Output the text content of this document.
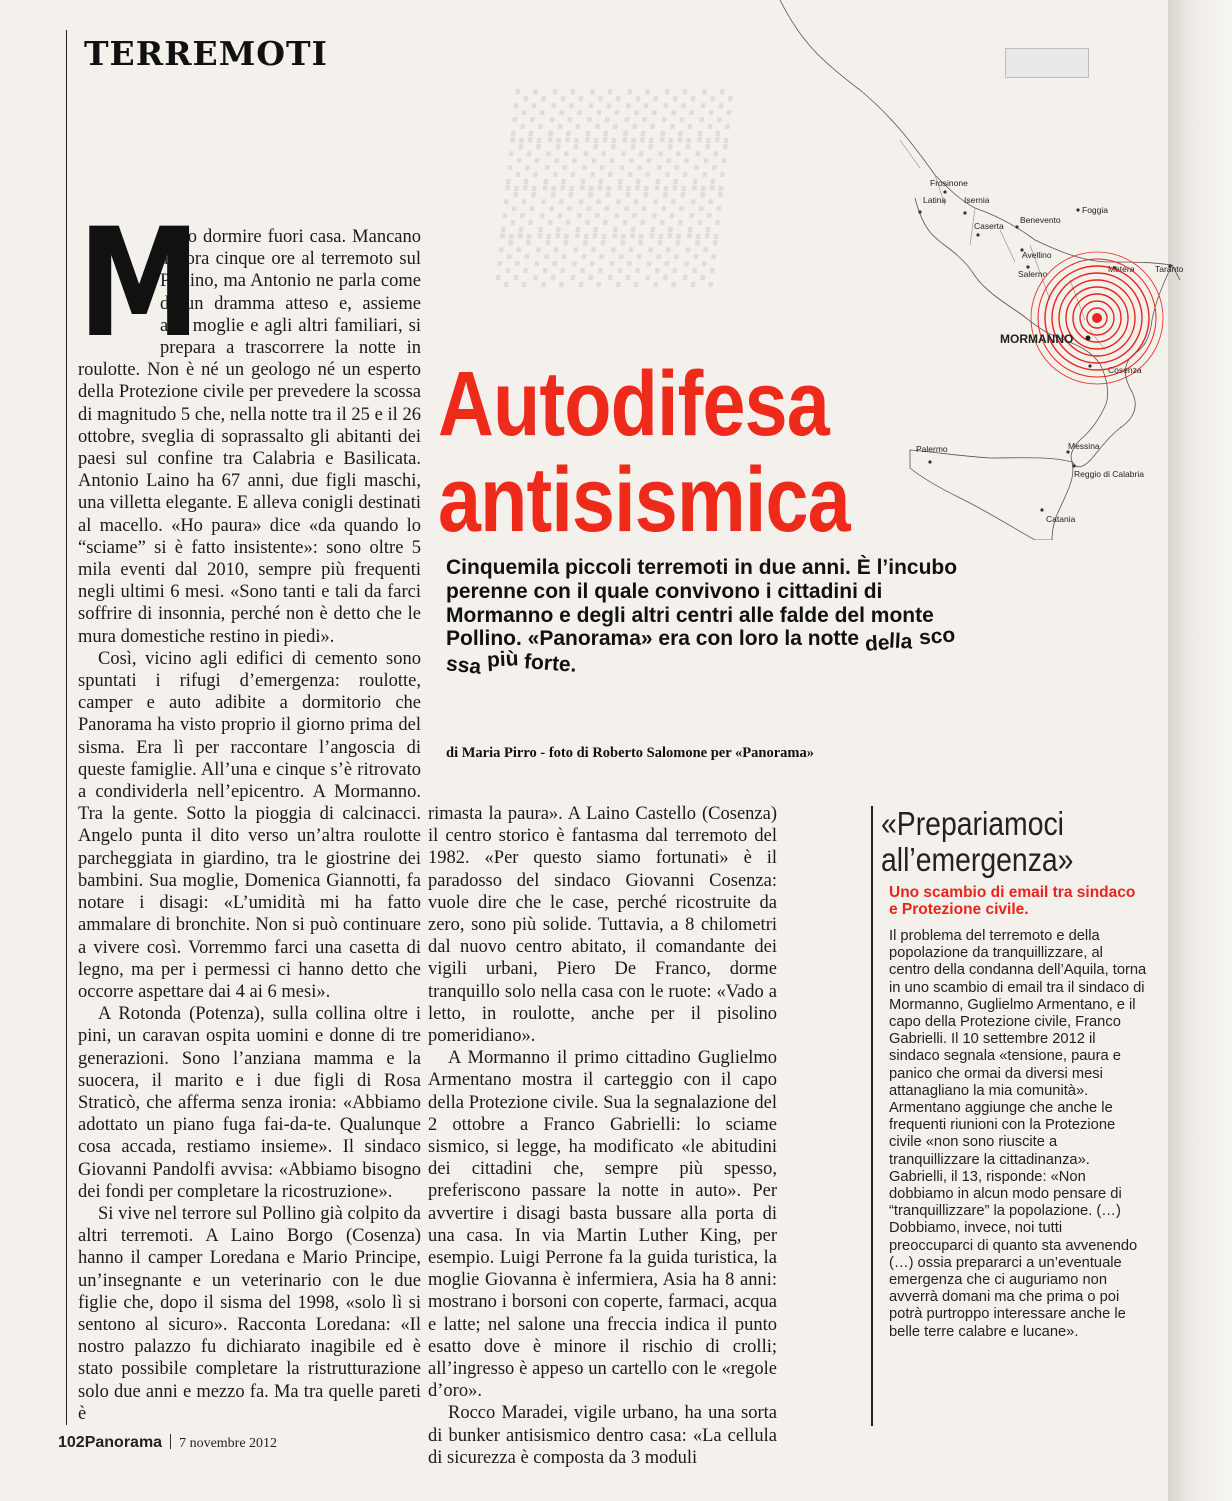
░░░░░░
░░░░░░
░░░░░░
░░░░░░
TERREMOTI
Frosinone
Latina Isernia
Caserta
Benevento
Foggia
Avellino
Salerno	Matera Taranto
Cosenza
Palermo	Messina
Reggio di Calabria
Catania
MORMANNO

M
eglio dormire fuori casa. Mancano ancora cinque ore al terremoto sul Pollino, ma Antonio ne parla come di un dramma atteso e, assieme alla moglie e agli altri familiari, si prepara a trascorrere la notte in roulotte. Non è né un geologo né un esperto della Protezione civile per prevedere la scossa di magnitudo 5 che, nella notte tra il 25 e il 26 ottobre, sveglia di soprassalto gli abitanti dei paesi sul confine tra Calabria e Basilicata. Antonio Laino ha 67 anni, due figli maschi, una villetta elegante. E alleva conigli destinati al macello. «Ho paura» dice «da quando lo “sciame” si è fatto insistente»: sono oltre 5 mila eventi dal 2010, sempre più frequenti negli ultimi 6 mesi. «Sono tanti e tali da farci soffrire di insonnia, perché non è detto che le mura domestiche restino in piedi».

Così, vicino agli edifici di cemento sono spuntati i rifugi d’emergenza: roulotte, camper e auto adibite a dormitorio che Panorama ha visto proprio il giorno prima del sisma. Era lì per raccontare l’angoscia di queste famiglie. All’una e cinque s’è ritrovato a condividerla nell’epicentro. A Mormanno. Tra la gente. Sotto la pioggia di calcinacci. Angelo punta il dito verso un’altra roulotte parcheggiata in giardino, tra le giostrine dei bambini. Sua moglie, Domenica Giannotti, fa notare i disagi: «L’umidità mi ha fatto ammalare di bronchite. Non si può continuare a vivere così. Vorremmo farci una casetta di legno, ma per i permessi ci hanno detto che occorre aspettare dai 4 ai 6 mesi».

A Rotonda (Potenza), sulla collina oltre i pini, un caravan ospita uomini e donne di tre generazioni. Sono l’anziana mamma e la suocera, il marito e i due figli di Rosa Straticò, che afferma senza ironia: «Abbiamo adottato un piano fuga fai-da-te. Qualunque cosa accada, restiamo insieme». Il sindaco Giovanni Pandolfi avvisa: «Abbiamo bisogno dei fondi per completare la ricostruzione».

Si vive nel terrore sul Pollino già colpito da altri terremoti. A Laino Borgo (Cosenza) hanno il camper Loredana e Mario Principe, un’insegnante e un veterinario con le due figlie che, dopo il sisma del 1998, «solo lì si sentono al sicuro». Racconta Loredana: «Il nostro palazzo fu dichiarato inagibile ed è stato possibile completare la ristrutturazione solo due anni e mezzo fa. Ma tra quelle pareti è

Autodifesa
antisismica
Cinquemila piccoli terremoti in due anni. È l’incubo perenne con il quale convivono i cittadini di Mormanno e degli altri centri alle falde del monte Pollino. «Panorama» era con loro la notte della scossa più forte.
di Maria Pirro - foto di Roberto Salomone per «Panorama»

rimasta la paura». A Laino Castello (Cosenza) il centro storico è fantasma dal terremoto del 1982. «Per questo siamo fortunati» è il paradosso del sindaco Giovanni Cosenza: vuole dire che le case, perché ricostruite da zero, sono più solide. Tuttavia, a 8 chilometri dal nuovo centro abitato, il comandante dei vigili urbani, Piero De Franco, dorme tranquillo solo nella casa con le ruote: «Vado a letto, in roulotte, anche per il pisolino pomeridiano».

A Mormanno il primo cittadino Guglielmo Armentano mostra il carteggio con il capo della Protezione civile. Sua la segnalazione del 2 ottobre a Franco Gabrielli: lo sciame sismico, si legge, ha modificato «le abitudini dei cittadini che, sempre più spesso, preferiscono passare la notte in auto». Per avvertire i disagi basta bussare alla porta di una casa. In via Martin Luther King, per esempio. Luigi Perrone fa la guida turistica, la moglie Giovanna è infermiera, Asia ha 8 anni: mostrano i borsoni con coperte, farmaci, acqua e latte; nel salone una freccia indica il punto esatto dove è minore il rischio di crolli; all’ingresso è appeso un cartello con le «regole d’oro».

Rocco Maradei, vigile urbano, ha una sorta di bunker antisismico dentro casa: «La cellula di sicurezza è composta da 3 moduli

«Prepariamoci
all’emergenza»
Uno scambio di email tra sindaco e Protezione civile.
Il problema del terremoto e della popolazione da tranquillizzare, al centro della condanna dell’Aquila, torna in uno scambio di email tra il sindaco di Mormanno, Guglielmo Armentano, e il capo della Protezione civile, Franco Gabrielli. Il 10 settembre 2012 il sindaco segnala «tensione, paura e panico che ormai da diversi mesi attanagliano la mia comunità». Armentano aggiunge che anche le frequenti riunioni con la Protezione civile «non sono riuscite a tranquillizzare la cittadinanza». Gabrielli, il 13, risponde: «Non dobbiamo in alcun modo pensare di “tranquillizzare” la popolazione. (…) Dobbiamo, invece, noi tutti preoccuparci di quanto sta avvenendo (…) ossia prepararci a un’eventuale emergenza che ci auguriamo non avverrà domani ma che prima o poi potrà purtroppo interessare anche le belle terre calabre e lucane».
102Panorama 7 novembre 2012
